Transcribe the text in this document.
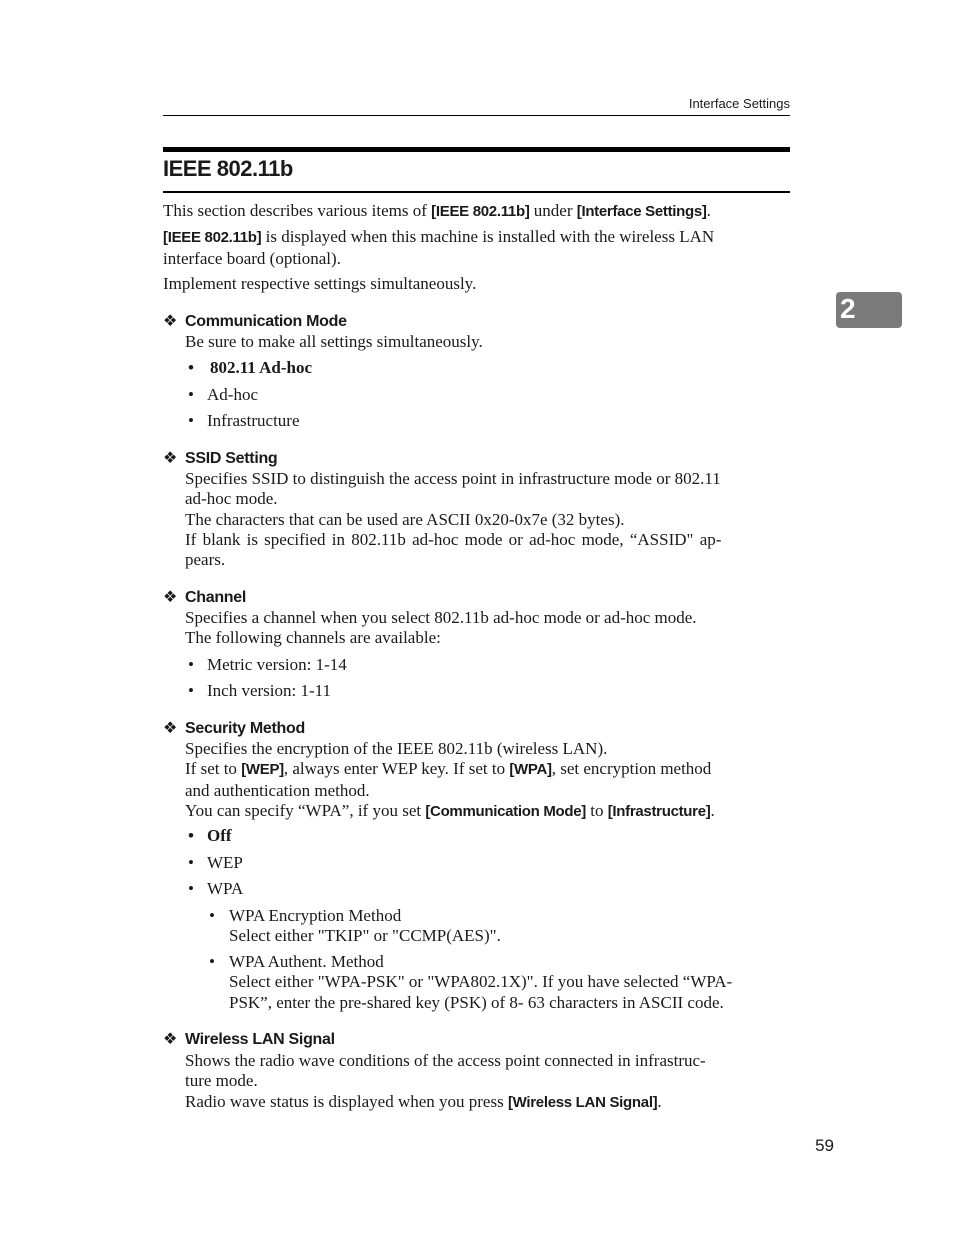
Interface Settings
IEEE 802.11b
2
This section describes various items of [IEEE 802.11b] under [Interface Settings].
[IEEE 802.11b] is displayed when this machine is installed with the wireless LAN
interface board (optional).
Implement respective settings simultaneously.
❖ Communication Mode
Be sure to make all settings simultaneously.
• 802.11 Ad-hoc
• Ad-hoc
• Infrastructure
❖ SSID Setting
Specifies SSID to distinguish the access point in infrastructure mode or 802.11
ad-hoc mode.
The characters that can be used are ASCII 0x20-0x7e (32 bytes).
If blank is specified in 802.11b ad-hoc mode or ad-hoc mode, “ASSID" ap-
pears.
❖ Channel
Specifies a channel when you select 802.11b ad-hoc mode or ad-hoc mode.
The following channels are available:
• Metric version: 1-14
• Inch version: 1-11
❖ Security Method
Specifies the encryption of the IEEE 802.11b (wireless LAN).
If set to [WEP], always enter WEP key. If set to [WPA], set encryption method
and authentication method.
You can specify “WPA”, if you set [Communication Mode] to [Infrastructure].
• Off
• WEP
• WPA
• WPA Encryption Method
Select either "TKIP" or "CCMP(AES)".
• WPA Authent. Method
Select either "WPA-PSK" or "WPA802.1X)". If you have selected “WPA-
PSK”, enter the pre-shared key (PSK) of 8- 63 characters in ASCII code.
❖ Wireless LAN Signal
Shows the radio wave conditions of the access point connected in infrastruc-
ture mode.
Radio wave status is displayed when you press [Wireless LAN Signal].
59
